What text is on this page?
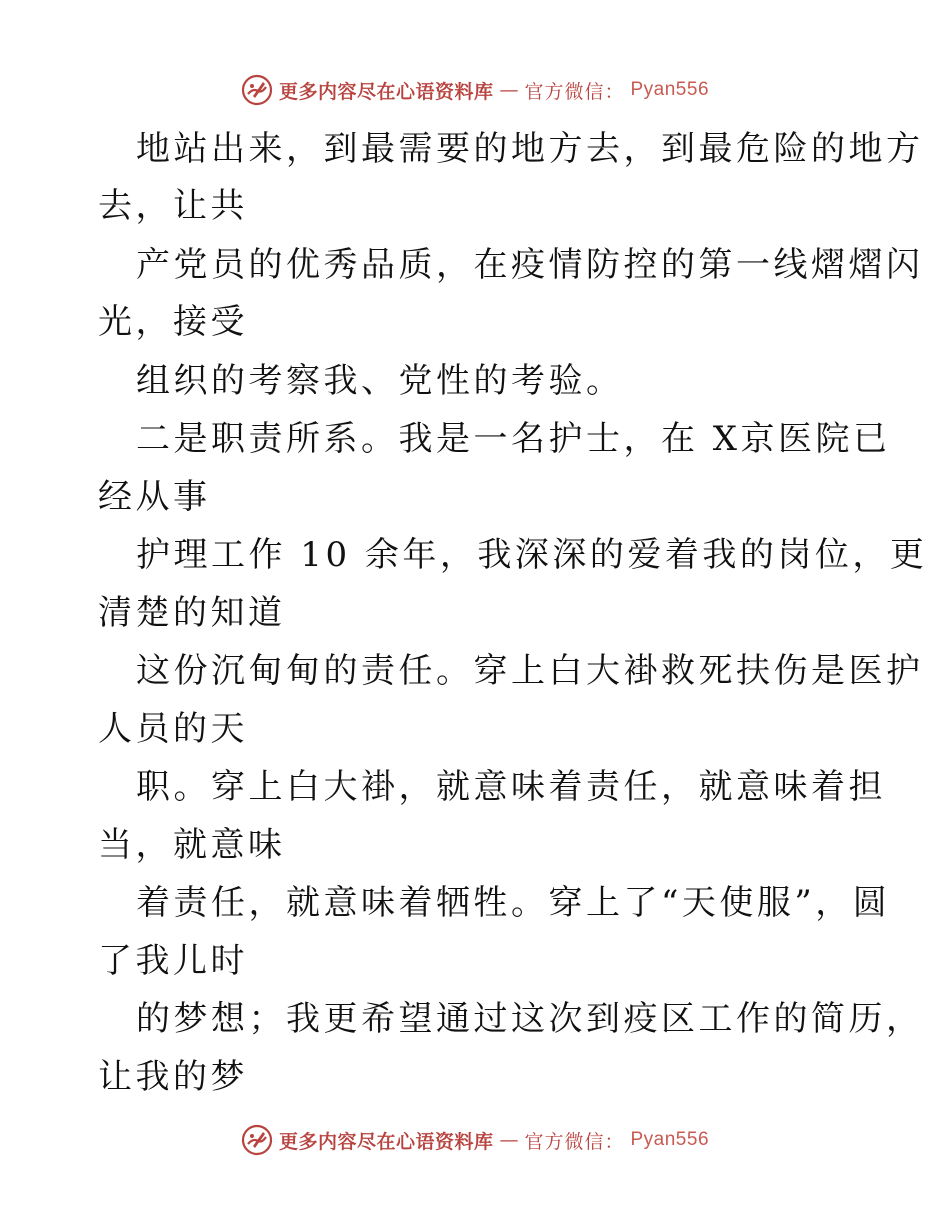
更多内容尽在心语资料库 — 官方微信： Pyan556
地站出来，到最需要的地方去，到最危险的地方
去，让共
产党员的优秀品质，在疫情防控的第一线熠熠闪
光，接受
组织的考察我、党性的考验。
二是职责所系。我是一名护士，在 X京医院已
经从事
护理工作 10 余年，我深深的爱着我的岗位，更
清楚的知道
这份沉甸甸的责任。穿上白大褂救死扶伤是医护
人员的天
职。穿上白大褂，就意味着责任，就意味着担
当，就意味
着责任，就意味着牺牲。穿上了“天使服”，圆
了我儿时
的梦想；我更希望通过这次到疫区工作的简历，
让我的梦
更多内容尽在心语资料库 — 官方微信： Pyan556
